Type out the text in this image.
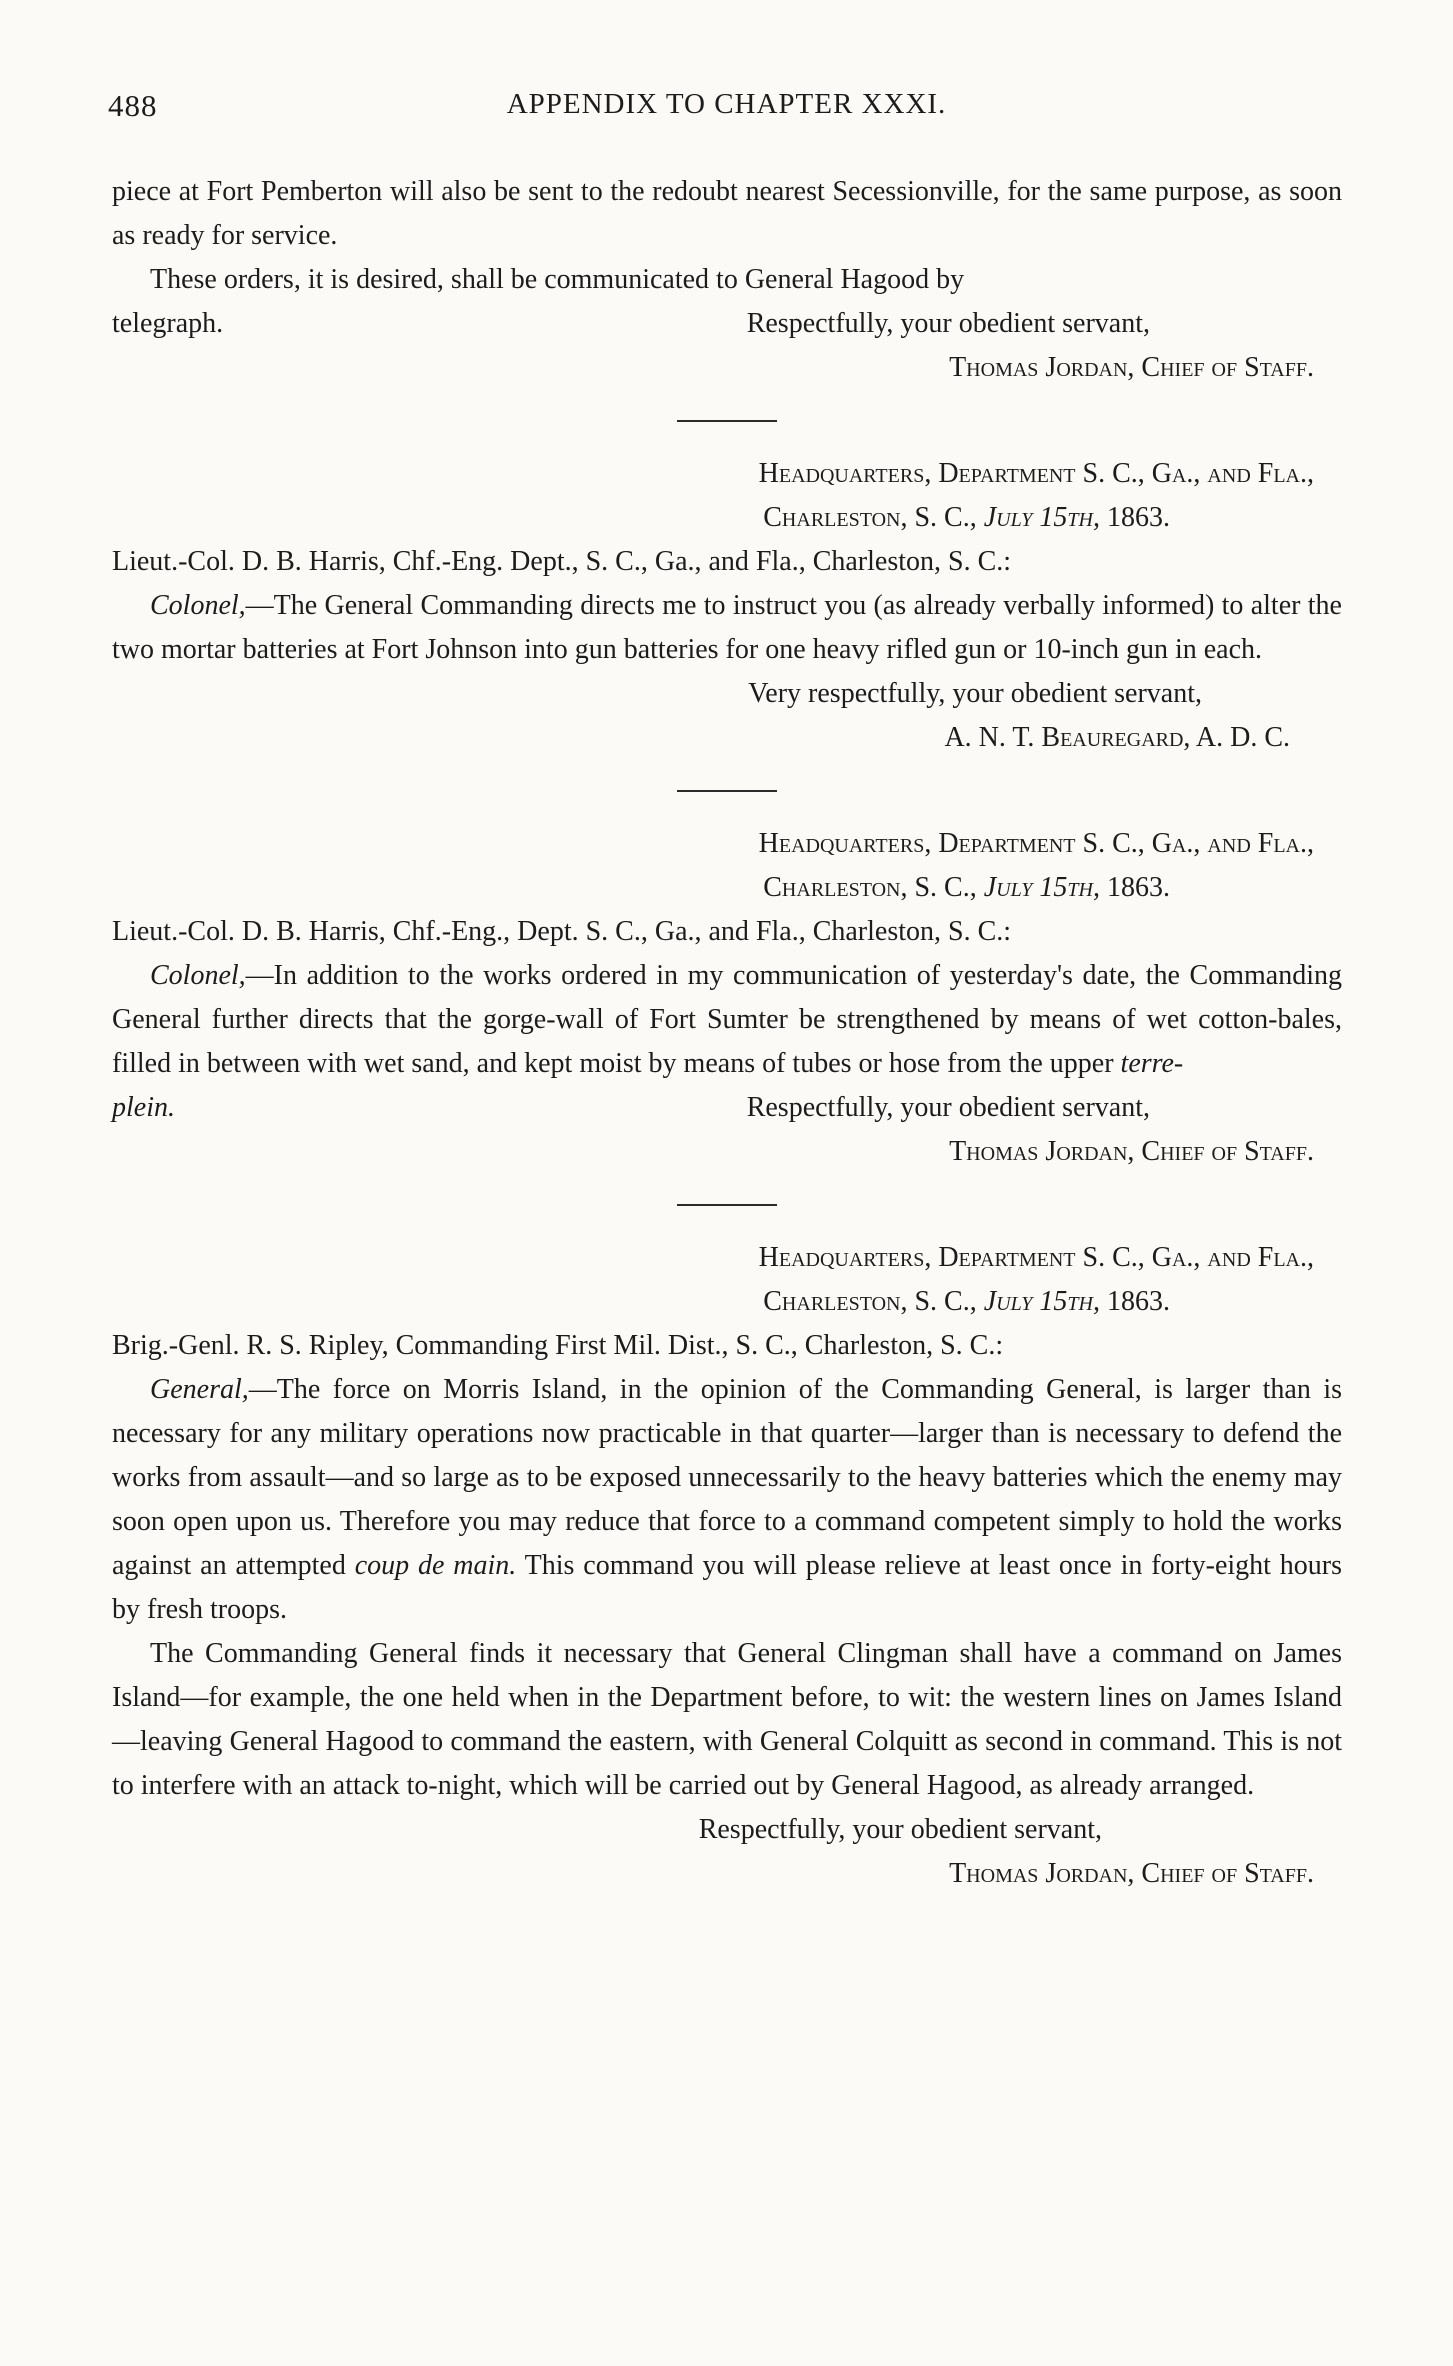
488	APPENDIX TO CHAPTER XXXI.

piece at Fort Pemberton will also be sent to the redoubt nearest Secessionville, for the same purpose, as soon as ready for service.

These orders, it is desired, shall be communicated to General Hagood by

telegraph.	Respectfully, your obedient servant,
Thomas Jordan, Chief of Staff.
Headquarters, Department S. C., Ga., and Fla.,
Charleston, S. C., July 15th, 1863.

Lieut.-Col. D. B. Harris, Chf.-Eng. Dept., S. C., Ga., and Fla., Charleston, S. C.:

Colonel,—The General Commanding directs me to instruct you (as already verbally informed) to alter the two mortar batteries at Fort Johnson into gun batteries for one heavy rifled gun or 10-inch gun in each.

Very respectfully, your obedient servant,
A. N. T. Beauregard, A. D. C.
Headquarters, Department S. C., Ga., and Fla.,
Charleston, S. C., July 15th, 1863.

Lieut.-Col. D. B. Harris, Chf.-Eng., Dept. S. C., Ga., and Fla., Charleston, S. C.:

Colonel,—In addition to the works ordered in my communication of yesterday's date, the Commanding General further directs that the gorge-wall of Fort Sumter be strengthened by means of wet cotton-bales, filled in between with wet sand, and kept moist by means of tubes or hose from the upper terre-

plein.	Respectfully, your obedient servant,
Thomas Jordan, Chief of Staff.
Headquarters, Department S. C., Ga., and Fla.,
Charleston, S. C., July 15th, 1863.

Brig.-Genl. R. S. Ripley, Commanding First Mil. Dist., S. C., Charleston, S. C.:

General,—The force on Morris Island, in the opinion of the Commanding General, is larger than is necessary for any military operations now practicable in that quarter—larger than is necessary to defend the works from assault—and so large as to be exposed unnecessarily to the heavy batteries which the enemy may soon open upon us. Therefore you may reduce that force to a command competent simply to hold the works against an attempted coup de main. This command you will please relieve at least once in forty-eight hours by fresh troops.

The Commanding General finds it necessary that General Clingman shall have a command on James Island—for example, the one held when in the Department before, to wit: the western lines on James Island—leaving General Hagood to command the eastern, with General Colquitt as second in command. This is not to interfere with an attack to-night, which will be carried out by General Hagood, as already arranged.

Respectfully, your obedient servant,
Thomas Jordan, Chief of Staff.
